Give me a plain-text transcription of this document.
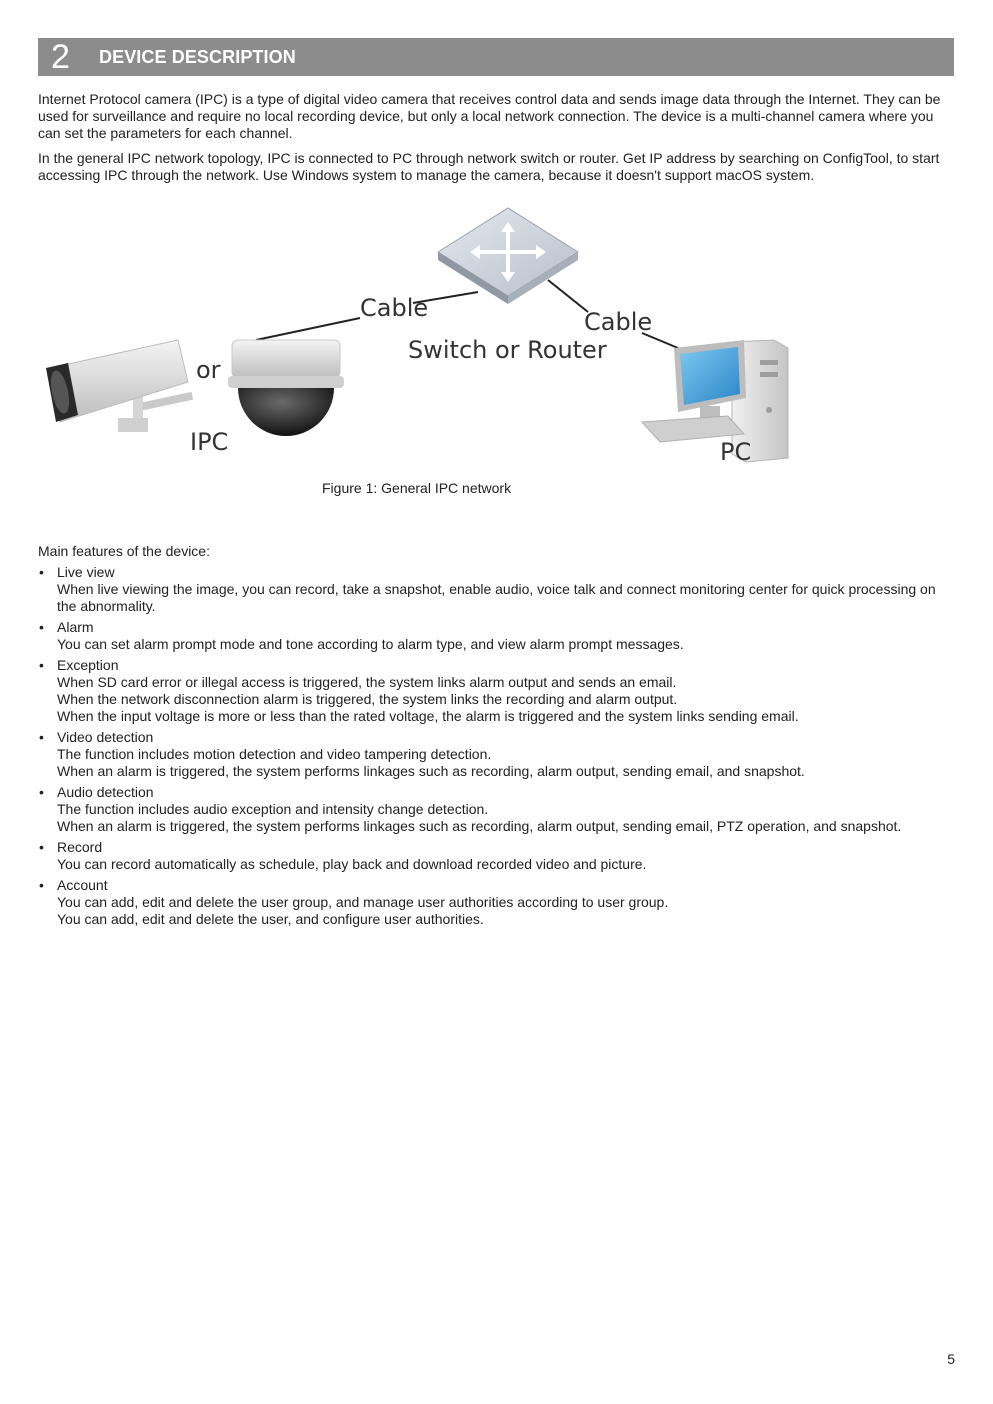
2 DEVICE DESCRIPTION

Internet Protocol camera (IPC) is a type of digital video camera that receives control data and sends image data through the Internet. They can be used for surveillance and require no local recording device, but only a local network connection. The device is a multi-channel camera where you can set the parameters for each channel.

In the general IPC network topology, IPC is connected to PC through network switch or router. Get IP address by searching on ConfigTool, to start accessing IPC through the network. Use Windows system to manage the camera, because it doesn't support macOS system.

Cable	Cable
Switch or Router
or
IPC	PC
Figure 1: General IPC network
Main features of the device:
• Live view
When live viewing the image, you can record, take a snapshot, enable audio, voice talk and connect monitoring center for quick processing on the abnormality.
• Alarm
You can set alarm prompt mode and tone according to alarm type, and view alarm prompt messages.
• Exception
When SD card error or illegal access is triggered, the system links alarm output and sends an email.
When the network disconnection alarm is triggered, the system links the recording and alarm output.
When the input voltage is more or less than the rated voltage, the alarm is triggered and the system links sending email.
• Video detection
The function includes motion detection and video tampering detection.
When an alarm is triggered, the system performs linkages such as recording, alarm output, sending email, and snapshot.
• Audio detection
The function includes audio exception and intensity change detection.
When an alarm is triggered, the system performs linkages such as recording, alarm output, sending email, PTZ operation, and snapshot.
• Record
You can record automatically as schedule, play back and download recorded video and picture.
• Account
You can add, edit and delete the user group, and manage user authorities according to user group.
You can add, edit and delete the user, and configure user authorities.
5
